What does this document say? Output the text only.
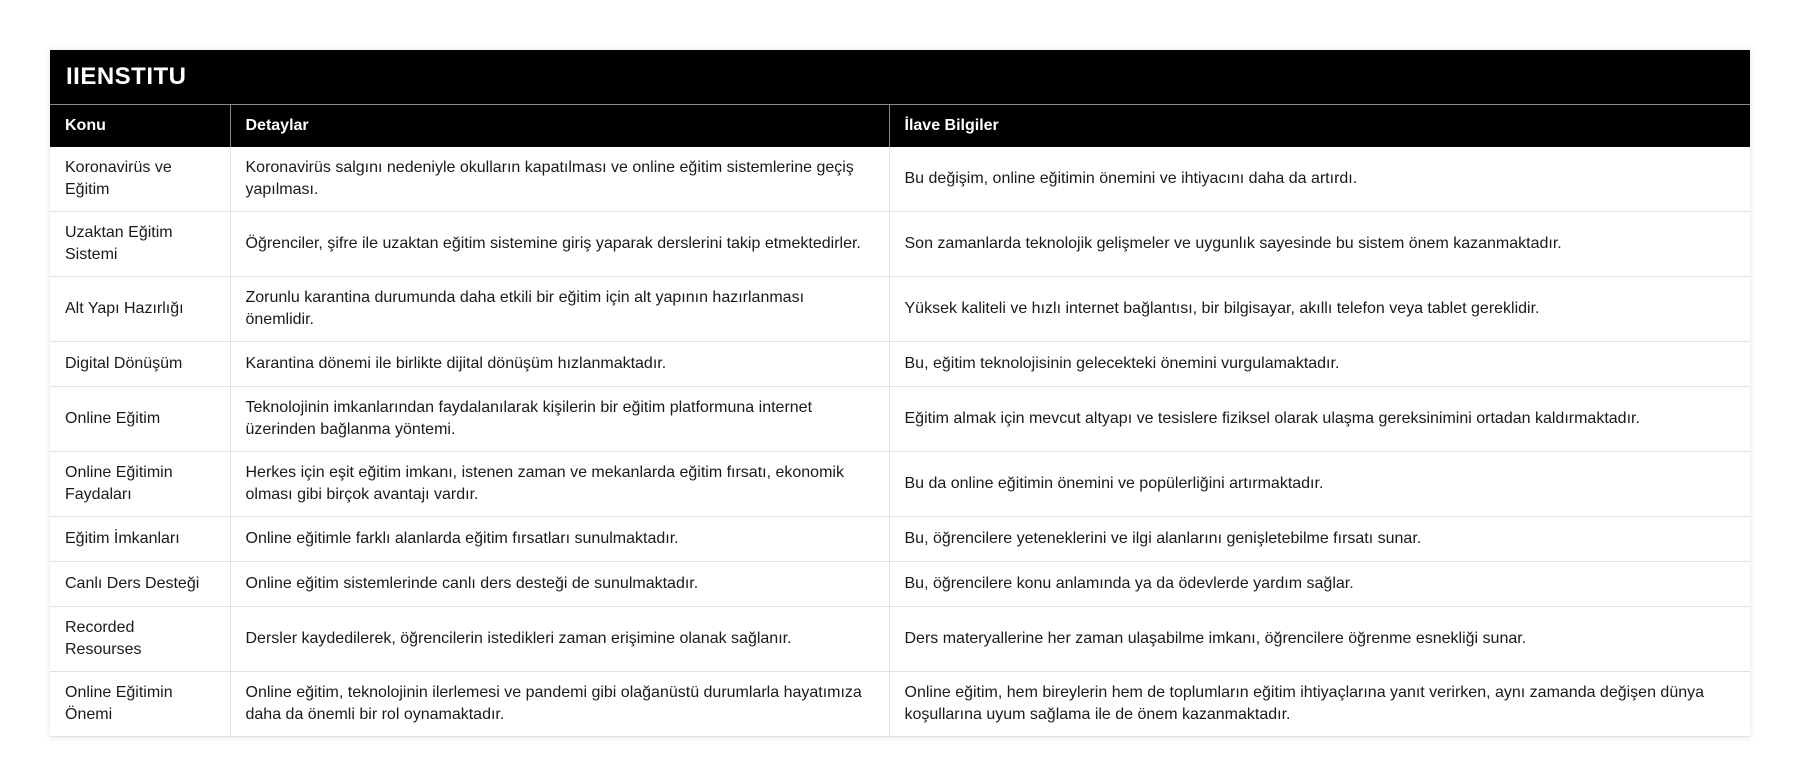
IIENSTITU
Konu	Detaylar	İlave Bilgiler
Koronavirüs ve Eğitim	Koronavirüs salgını nedeniyle okulların kapatılması ve online eğitim sistemlerine geçiş yapılması.	Bu değişim, online eğitimin önemini ve ihtiyacını daha da artırdı.
Uzaktan Eğitim Sistemi	Öğrenciler, şifre ile uzaktan eğitim sistemine giriş yaparak derslerini takip etmektedirler.	Son zamanlarda teknolojik gelişmeler ve uygunlık sayesinde bu sistem önem kazanmaktadır.
Alt Yapı Hazırlığı	Zorunlu karantina durumunda daha etkili bir eğitim için alt yapının hazırlanması önemlidir.	Yüksek kaliteli ve hızlı internet bağlantısı, bir bilgisayar, akıllı telefon veya tablet gereklidir.
Digital Dönüşüm	Karantina dönemi ile birlikte dijital dönüşüm hızlanmaktadır.	Bu, eğitim teknolojisinin gelecekteki önemini vurgulamaktadır.
Online Eğitim	Teknolojinin imkanlarından faydalanılarak kişilerin bir eğitim platformuna internet üzerinden bağlanma yöntemi.	Eğitim almak için mevcut altyapı ve tesislere fiziksel olarak ulaşma gereksinimini ortadan kaldırmaktadır.
Online Eğitimin Faydaları	Herkes için eşit eğitim imkanı, istenen zaman ve mekanlarda eğitim fırsatı, ekonomik olması gibi birçok avantajı vardır.	Bu da online eğitimin önemini ve popülerliğini artırmaktadır.
Eğitim İmkanları	Online eğitimle farklı alanlarda eğitim fırsatları sunulmaktadır.	Bu, öğrencilere yeteneklerini ve ilgi alanlarını genişletebilme fırsatı sunar.
Canlı Ders Desteği	Online eğitim sistemlerinde canlı ders desteği de sunulmaktadır.	Bu, öğrencilere konu anlamında ya da ödevlerde yardım sağlar.
Recorded Resourses	Dersler kaydedilerek, öğrencilerin istedikleri zaman erişimine olanak sağlanır.	Ders materyallerine her zaman ulaşabilme imkanı, öğrencilere öğrenme esnekliği sunar.
Online Eğitimin Önemi	Online eğitim, teknolojinin ilerlemesi ve pandemi gibi olağanüstü durumlarla hayatımıza daha da önemli bir rol oynamaktadır.	Online eğitim, hem bireylerin hem de toplumların eğitim ihtiyaçlarına yanıt verirken, aynı zamanda değişen dünya koşullarına uyum sağlama ile de önem kazanmaktadır.
